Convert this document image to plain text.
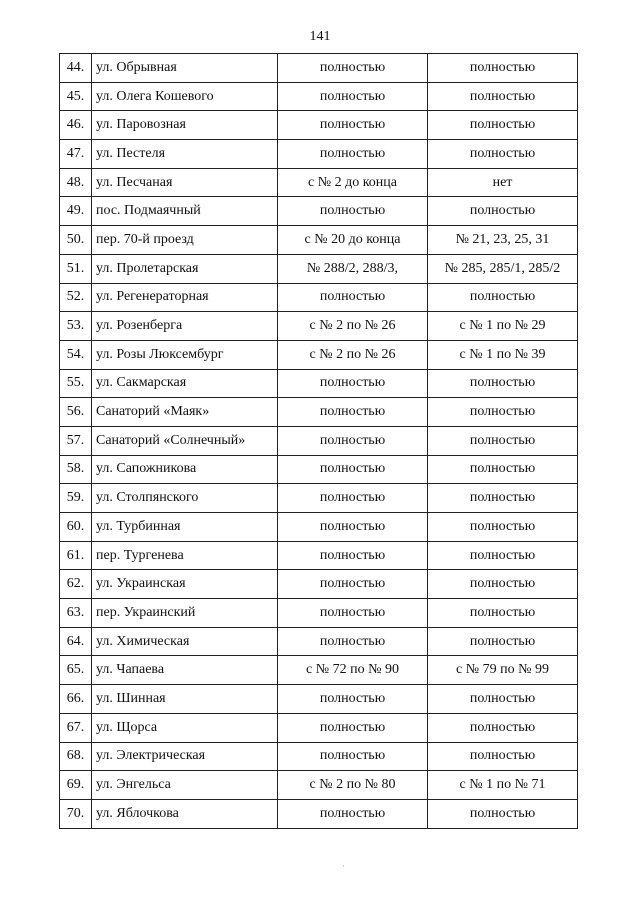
141
44.	ул. Обрывная	полностью	полностью
45.	ул. Олега Кошевого	полностью	полностью
46.	ул. Паровозная	полностью	полностью
47.	ул. Пестеля	полностью	полностью
48.	ул. Песчаная	с № 2 до конца	нет
49.	пос. Подмаячный	полностью	полностью
50.	пер. 70-й проезд	с № 20 до конца	№ 21, 23, 25, 31
51.	ул. Пролетарская	№ 288/2, 288/3,	№ 285, 285/1, 285/2
52.	ул. Регенераторная	полностью	полностью
53.	ул. Розенберга	с № 2 по № 26	с № 1 по № 29
54.	ул. Розы Люксембург	с № 2 по № 26	с № 1 по № 39
55.	ул. Сакмарская	полностью	полностью
56.	Санаторий «Маяк»	полностью	полностью
57.	Санаторий «Солнечный»	полностью	полностью
58.	ул. Сапожникова	полностью	полностью
59.	ул. Столпянского	полностью	полностью
60.	ул. Турбинная	полностью	полностью
61.	пер. Тургенева	полностью	полностью
62.	ул. Украинская	полностью	полностью
63.	пер. Украинский	полностью	полностью
64.	ул. Химическая	полностью	полностью
65.	ул. Чапаева	с № 72 по № 90	с № 79 по № 99
66.	ул. Шинная	полностью	полностью
67.	ул. Щорса	полностью	полностью
68.	ул. Электрическая	полностью	полностью
69.	ул. Энгельса	с № 2 по № 80	с № 1 по № 71
70.	ул. Яблочкова	полностью	полностью
·
